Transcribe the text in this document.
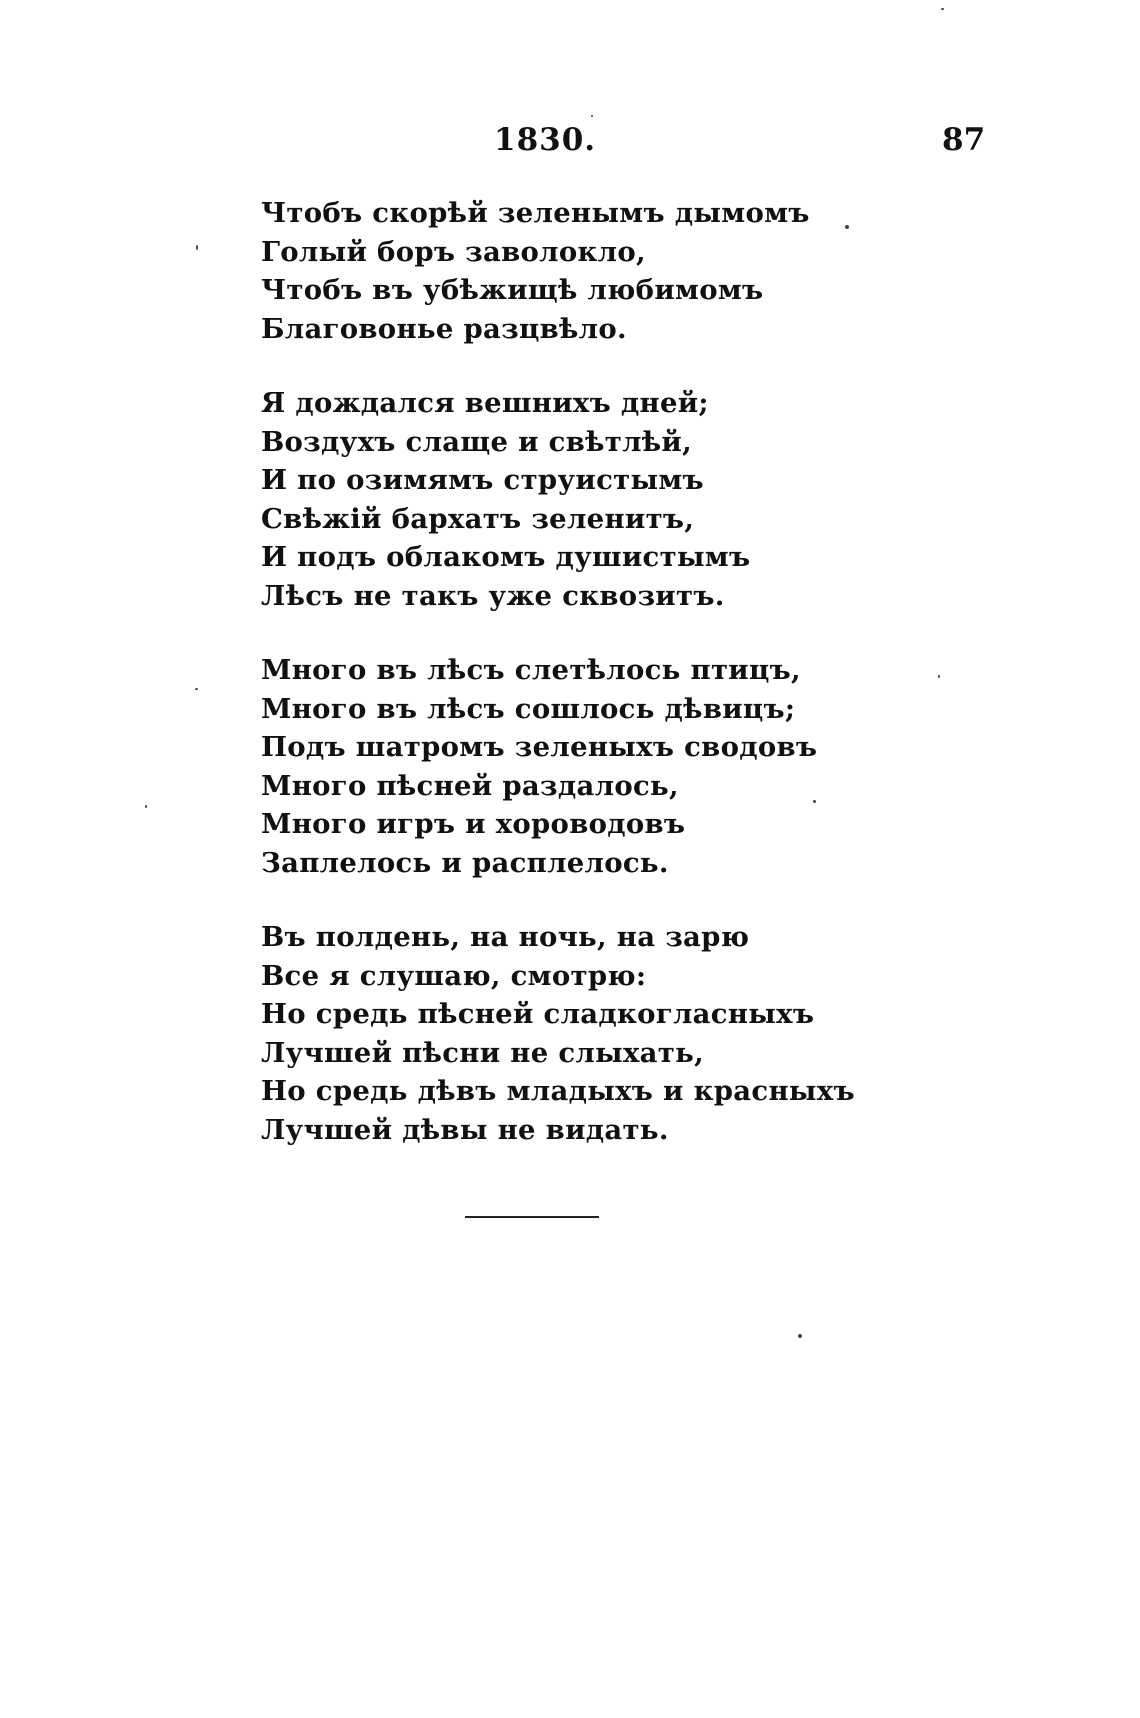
1830.	87
Чтобъ скорѣй зеленымъ дымомъ
Голый боръ заволокло,
Чтобъ въ убѣжищѣ любимомъ
Благовонье разцвѣло.
Я дождался вешнихъ дней;
Воздухъ слаще и свѣтлѣй,
И по озимямъ струистымъ
Свѣжій бархатъ зеленитъ,
И подъ облакомъ душистымъ
Лѣсъ не такъ уже сквозитъ.
Много въ лѣсъ слетѣлось птицъ,
Много въ лѣсъ сошлось дѣвицъ;
Подъ шатромъ зеленыхъ сводовъ
Много пѣсней раздалось,
Много игръ и хороводовъ
Заплелось и расплелось.
Въ полдень, на ночь, на зарю
Все я слушаю, смотрю:
Но средь пѣсней сладкогласныхъ
Лучшей пѣсни не слыхать,
Но средь дѣвъ младыхъ и красныхъ
Лучшей дѣвы не видать.
